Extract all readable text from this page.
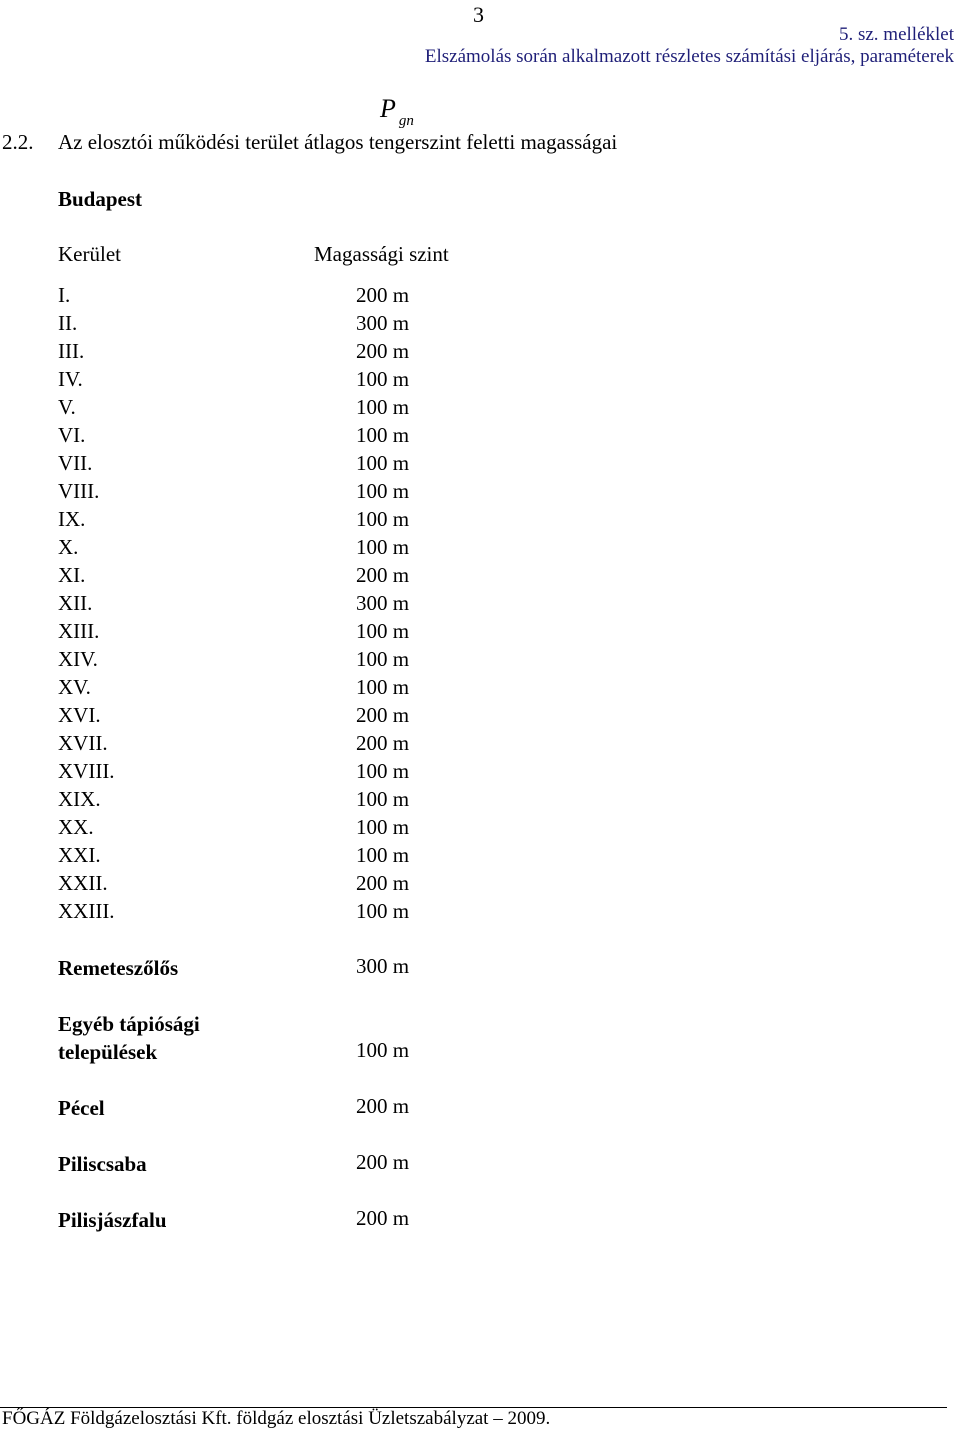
3
5. sz. melléklet
Elszámolás során alkalmazott részletes számítási eljárás, paraméterek
P $_{gn}$
2.2. Az elosztói működési terület átlagos tengerszint feletti magasságai
Budapest
Kerület	Magassági szint
I.	200 m
II.	300 m
III.	200 m
IV.	100 m
V.	100 m
VI.	100 m
VII.	100 m
VIII.	100 m
IX.	100 m
X.	100 m
XI.	200 m
XII.	300 m
XIII.	100 m
XIV.	100 m
XV.	100 m
XVI.	200 m
XVII.	200 m
XVIII.	100 m
XIX.	100 m
XX.	100 m
XXI.	100 m
XXII.	200 m
XXIII.	100 m
Remeteszőlős	300 m
Egyéb tápiósági települések	100 m
Pécel	200 m
Piliscsaba	200 m
Pilisjászfalu	200 m
FŐGÁZ Földgázelosztási Kft. földgáz elosztási Üzletszabályzat – 2009.
